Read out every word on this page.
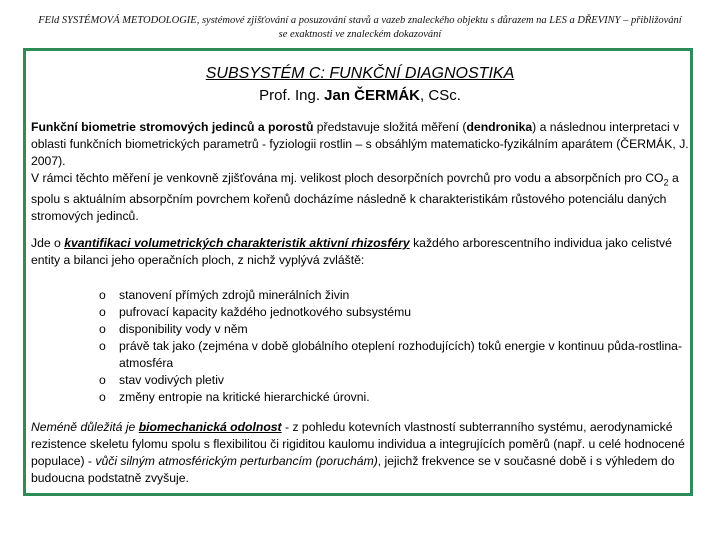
FEld SYSTÉMOVÁ METODOLOGIE, systémové zjišťování a posuzování stavů a vazeb znaleckého objektu s důrazem na LES a DŘEVINY – přibližování
se exaktnosti ve znaleckém dokazování
SUBSYSTÉM C: FUNKČNÍ DIAGNOSTIKA
Prof. Ing. Jan ČERMÁK, CSc.
Funkční biometrie stromových jedinců a porostů představuje složitá měření (dendronika) a následnou interpretaci v oblasti funkčních biometrických parametrů - fyziologii rostlin – s obsáhlým matematicko-fyzikálním aparátem (ČERMÁK, J. 2007).
V rámci těchto měření je venkovně zjišťována mj. velikost ploch desorpčních povrchů pro vodu a absorpčních pro $CO_2$ a spolu s aktuálním absorpčním povrchem kořenů docházíme následně k charakteristikám růstového potenciálu daných stromových jedinců.
Jde o kvantifikaci volumetrických charakteristik aktivní rhizosféry každého arborescentního individua jako celistvé entity a bilanci jeho operačních ploch, z nichž vyplývá zvláště:
o stanovení přímých zdrojů minerálních živin
o pufrovací kapacity každého jednotkového subsystému
o disponibility vody v něm
o právě tak jako (zejména v době globálního oteplení rozhodujících) toků energie v kontinuu půda-rostlina-atmosféra
o stav vodivých pletiv
o změny entropie na kritické hierarchické úrovni.
Neméně důležitá je biomechanická odolnost - z pohledu kotevních vlastností subterranního systému, aerodynamické rezistence skeletu fylomu spolu s flexibilitou či rigiditou kaulomu individua a integrujících poměrů (např. u celé hodnocené populace) - vůči silným atmosférickým perturbancím (poruchám), jejichž frekvence se v současné době i s výhledem do budoucna podstatně zvyšuje.
